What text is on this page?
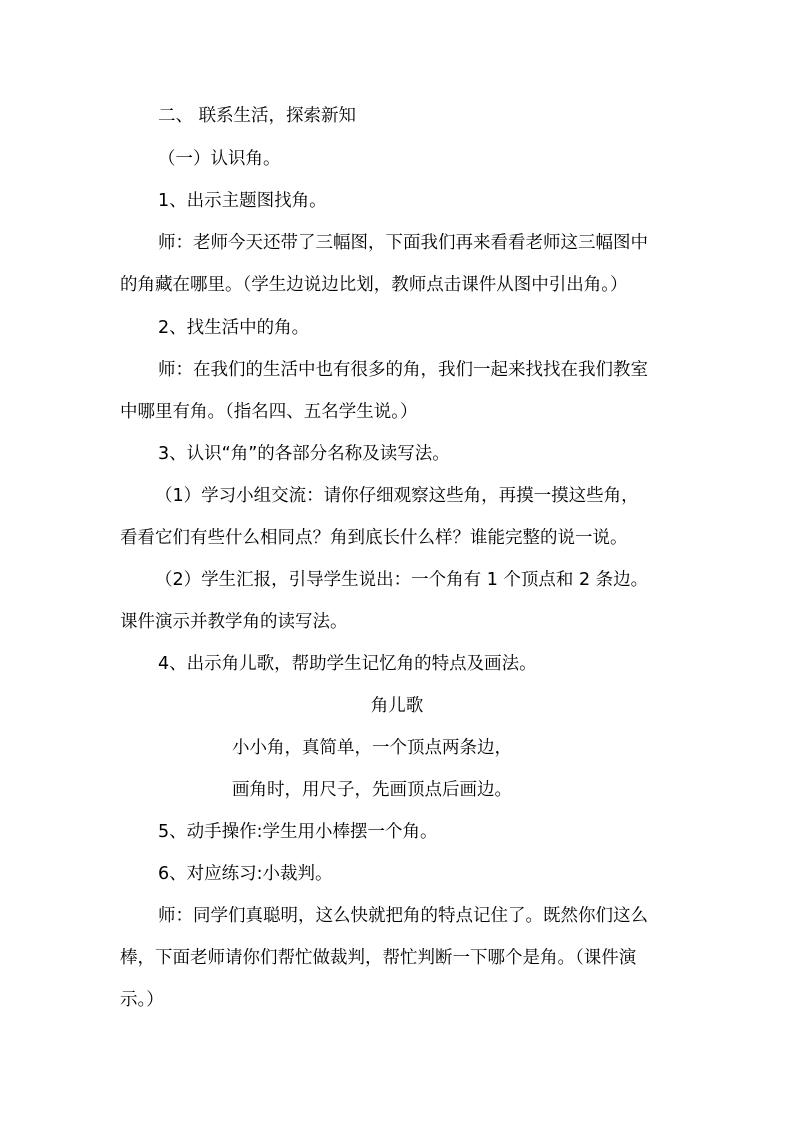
二、 联系生活，探索新知
（一）认识角。
1、出示主题图找角。
师：老师今天还带了三幅图，下面我们再来看看老师这三幅图中
的角藏在哪里。（学生边说边比划，教师点击课件从图中引出角。）
2、找生活中的角。
师：在我们的生活中也有很多的角，我们一起来找找在我们教室
中哪里有角。（指名四、五名学生说。）
3、认识“角”的各部分名称及读写法。
（1）学习小组交流：请你仔细观察这些角，再摸一摸这些角，
看看它们有些什么相同点？角到底长什么样？谁能完整的说一说。
（2）学生汇报，引导学生说出：一个角有 1 个顶点和 2 条边。
课件演示并教学角的读写法。
4、出示角儿歌，帮助学生记忆角的特点及画法。
角儿歌
小小角，真简单，一个顶点两条边，
画角时，用尺子，先画顶点后画边。
5、动手操作:学生用小棒摆一个角。
6、对应练习:小裁判。
师：同学们真聪明，这么快就把角的特点记住了。既然你们这么
棒，下面老师请你们帮忙做裁判，帮忙判断一下哪个是角。（课件演
示。）
